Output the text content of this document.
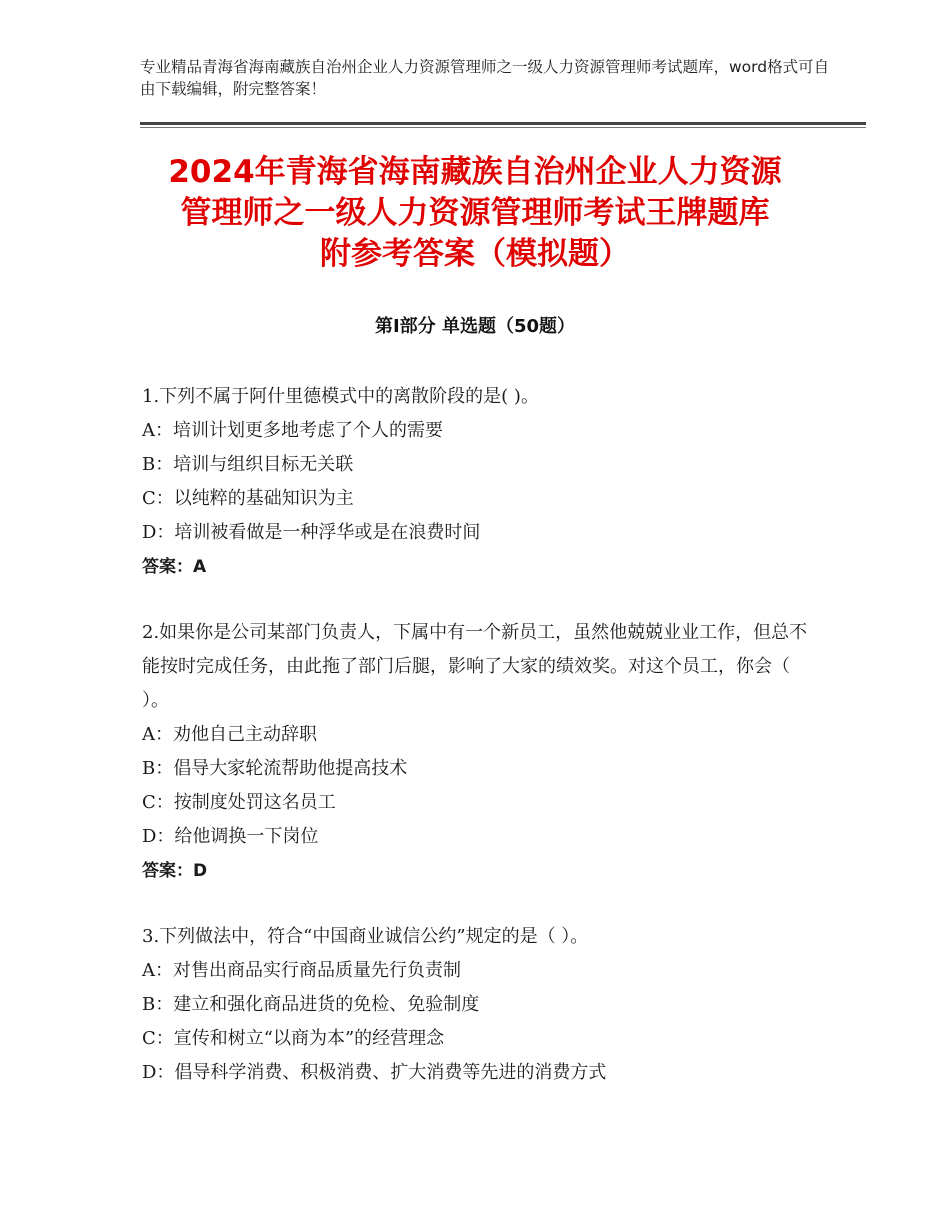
专业精品青海省海南藏族自治州企业人力资源管理师之一级人力资源管理师考试题库，word格式可自由下载编辑，附完整答案！
2024年青海省海南藏族自治州企业人力资源
管理师之一级人力资源管理师考试王牌题库
附参考答案（模拟题）
第Ⅰ部分 单选题（50题）

1.下列不属于阿什里德模式中的离散阶段的是( )。

A：培训计划更多地考虑了个人的需要

B：培训与组织目标无关联

C：以纯粹的基础知识为主

D：培训被看做是一种浮华或是在浪费时间

答案：A

2.如果你是公司某部门负责人，下属中有一个新员工，虽然他兢兢业业工作，但总不能按时完成任务，由此拖了部门后腿，影响了大家的绩效奖。对这个员工，你会（ ）。

A：劝他自己主动辞职

B：倡导大家轮流帮助他提高技术

C：按制度处罚这名员工

D：给他调换一下岗位

答案：D

3.下列做法中，符合“中国商业诚信公约”规定的是（ ）。

A：对售出商品实行商品质量先行负责制

B：建立和强化商品进货的免检、免验制度

C：宣传和树立“以商为本”的经营理念

D：倡导科学消费、积极消费、扩大消费等先进的消费方式
